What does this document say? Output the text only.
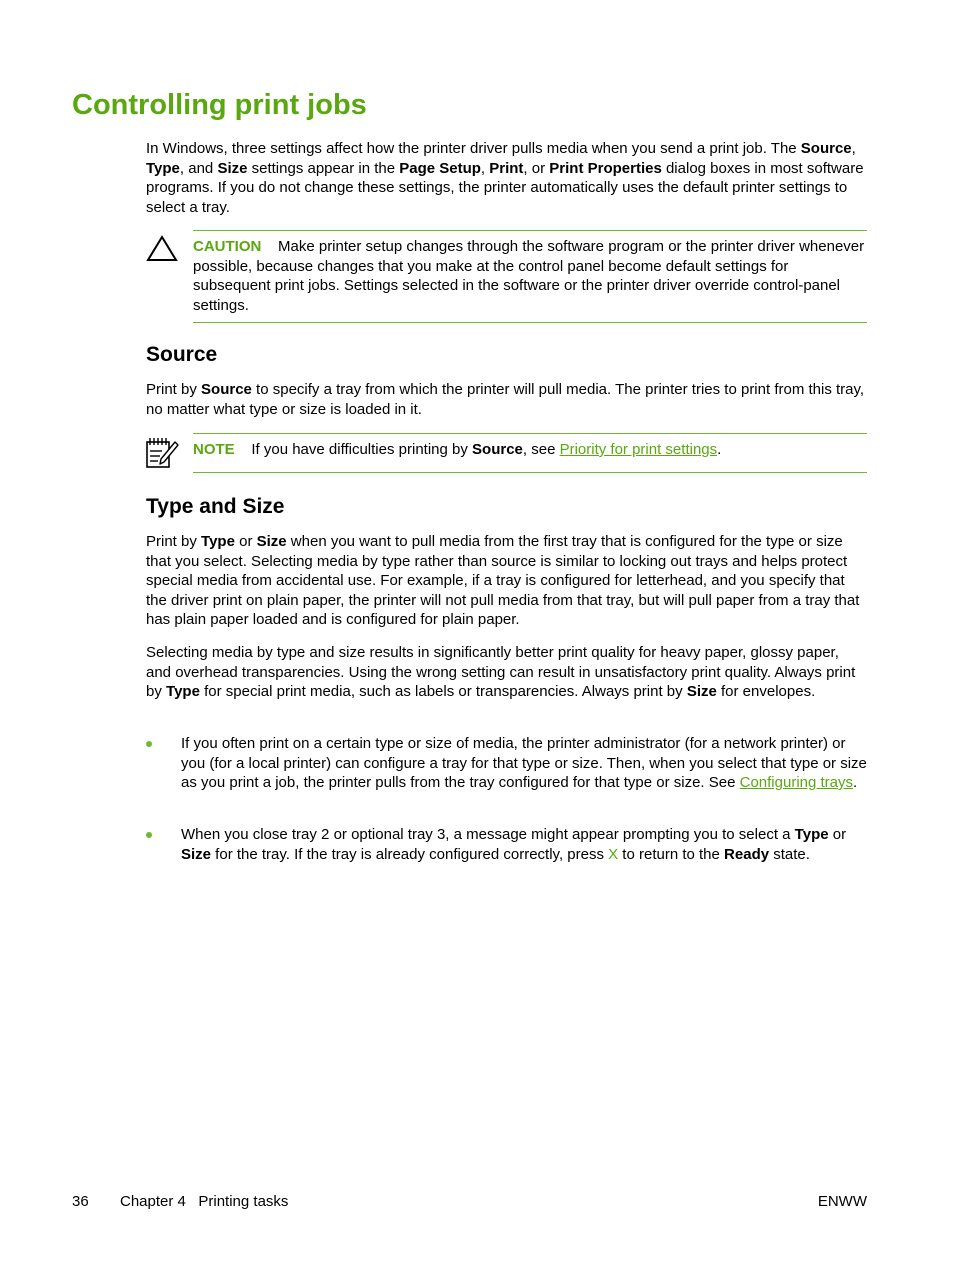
Controlling print jobs

In Windows, three settings affect how the printer driver pulls media when you send a print job. The Source, Type, and Size settings appear in the Page Setup, Print, or Print Properties dialog boxes in most software programs. If you do not change these settings, the printer automatically uses the default printer settings to select a tray.

CAUTION Make printer setup changes through the software program or the printer driver whenever possible, because changes that you make at the control panel become default settings for subsequent print jobs. Settings selected in the software or the printer driver override control-panel settings.
Source

Print by Source to specify a tray from which the printer will pull media. The printer tries to print from this tray, no matter what type or size is loaded in it.

NOTE If you have difficulties printing by Source, see Priority for print settings.
Type and Size

Print by Type or Size when you want to pull media from the first tray that is configured for the type or size that you select. Selecting media by type rather than source is similar to locking out trays and helps protect special media from accidental use. For example, if a tray is configured for letterhead, and you specify that the driver print on plain paper, the printer will not pull media from that tray, but will pull paper from a tray that has plain paper loaded and is configured for plain paper.

Selecting media by type and size results in significantly better print quality for heavy paper, glossy paper, and overhead transparencies. Using the wrong setting can result in unsatisfactory print quality. Always print by Type for special print media, such as labels or transparencies. Always print by Size for envelopes.

If you often print on a certain type or size of media, the printer administrator (for a network printer) or you (for a local printer) can configure a tray for that type or size. Then, when you select that type or size as you print a job, the printer pulls from the tray configured for that type or size. See Configuring trays.

When you close tray 2 or optional tray 3, a message might appear prompting you to select a Type or Size for the tray. If the tray is already configured correctly, press X to return to the Ready state.

36 Chapter 4   Printing tasks	ENWW
